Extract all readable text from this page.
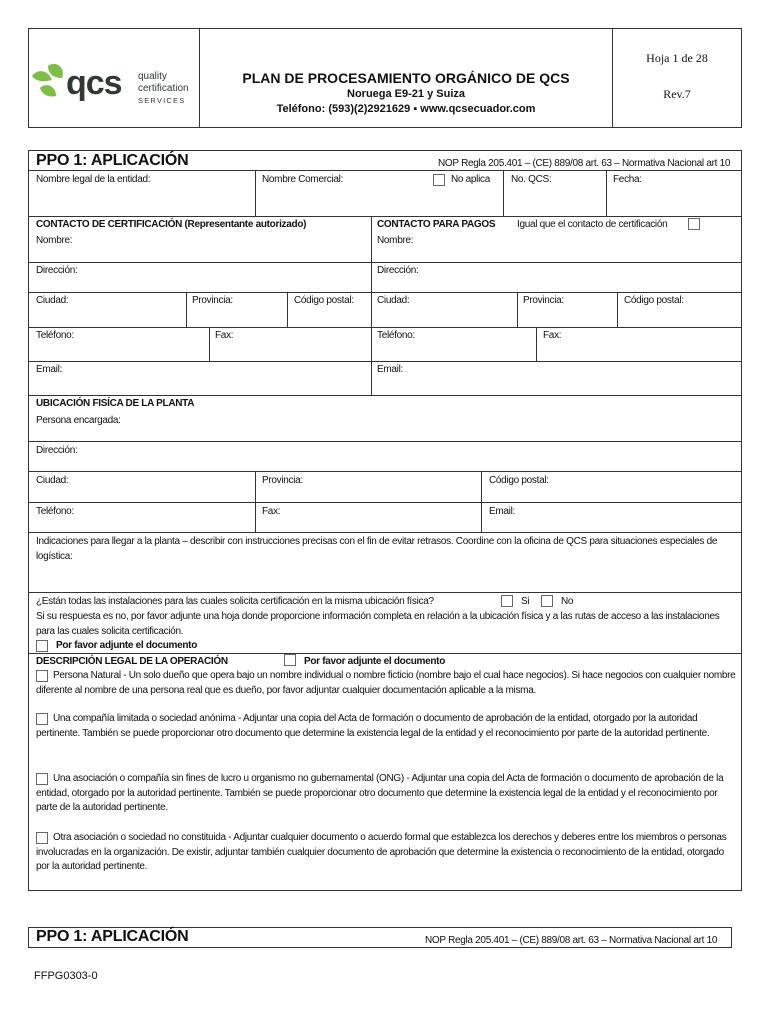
qcs quality
certification
SERVICES
PLAN DE PROCESAMIENTO ORGÁNICO DE QCS
Noruega E9-21 y Suiza
Teléfono: (593)(2)2921629 ▪ www.qcsecuador.com
Hoja 1 de 28
Rev.7
PPO 1: APLICACIÓN	NOP Regla 205.401 – (CE) 889/08 art. 63 – Normativa Nacional art 10
Nombre legal de la entidad:	Nombre Comercial:	No aplica No. QCS:	Fecha:
CONTACTO DE CERTIFICACIÓN (Representante autorizado)	CONTACTO PARA PAGOS Igual que el contacto de certificación
Nombre:	Nombre:
Dirección:	Dirección:
Ciudad:	Provincia:	Código postal: Ciudad:	Provincia:	Código postal:
Teléfono:	Fax:	Teléfono:	Fax:
Email:	Email:
UBICACIÓN FISÍCA DE LA PLANTA
Persona encargada:
Dirección:
Ciudad:	Provincia:	Código postal:
Teléfono:	Fax:	Email:
Indicaciones para llegar a la planta – describir con instrucciones precisas con el fin de evitar retrasos. Coordine con la oficina de QCS para situaciones especiales de logística:
¿Están todas las instalaciones para las cuales solicita certificación en la misma ubicación física?	Si	No
Si su respuesta es no, por favor adjunte una hoja donde proporcione información completa en relación a la ubicación física y a las rutas de acceso a las instalaciones para las cuales solicita certificación.
Por favor adjunte el documento
DESCRIPCIÓN LEGAL DE LA OPERACIÓN	Por favor adjunte el documento
Persona Natural - Un solo dueño que opera bajo un nombre individual o nombre ficticio (nombre bajo el cual hace negocios). Si hace negocios con cualquier nombre diferente al nombre de una persona real que es dueño, por favor adjuntar cualquier documentación aplicable a la misma.
Una compañía limitada o sociedad anónima - Adjuntar una copia del Acta de formación o documento de aprobación de la entidad, otorgado por la autoridad pertinente. También se puede proporcionar otro documento que determine la existencia legal de la entidad y el reconocimiento por parte de la autoridad pertinente.
Una asociación o compañía sin fines de lucro u organismo no gubernamental (ONG) - Adjuntar una copia del Acta de formación o documento de aprobación de la entidad, otorgado por la autoridad pertinente. También se puede proporcionar otro documento que determine la existencia legal de la entidad y el reconocimiento por parte de la autoridad pertinente.
Otra asociación o sociedad no constituida - Adjuntar cualquier documento o acuerdo formal que establezca los derechos y deberes entre los miembros o personas involucradas en la organización. De existir, adjuntar también cualquier documento de aprobación que determine la existencia o reconocimiento de la entidad, otorgado por la autoridad pertinente.
PPO 1: APLICACIÓN	NOP Regla 205.401 – (CE) 889/08 art. 63 – Normativa Nacional art 10
FFPG0303-0
